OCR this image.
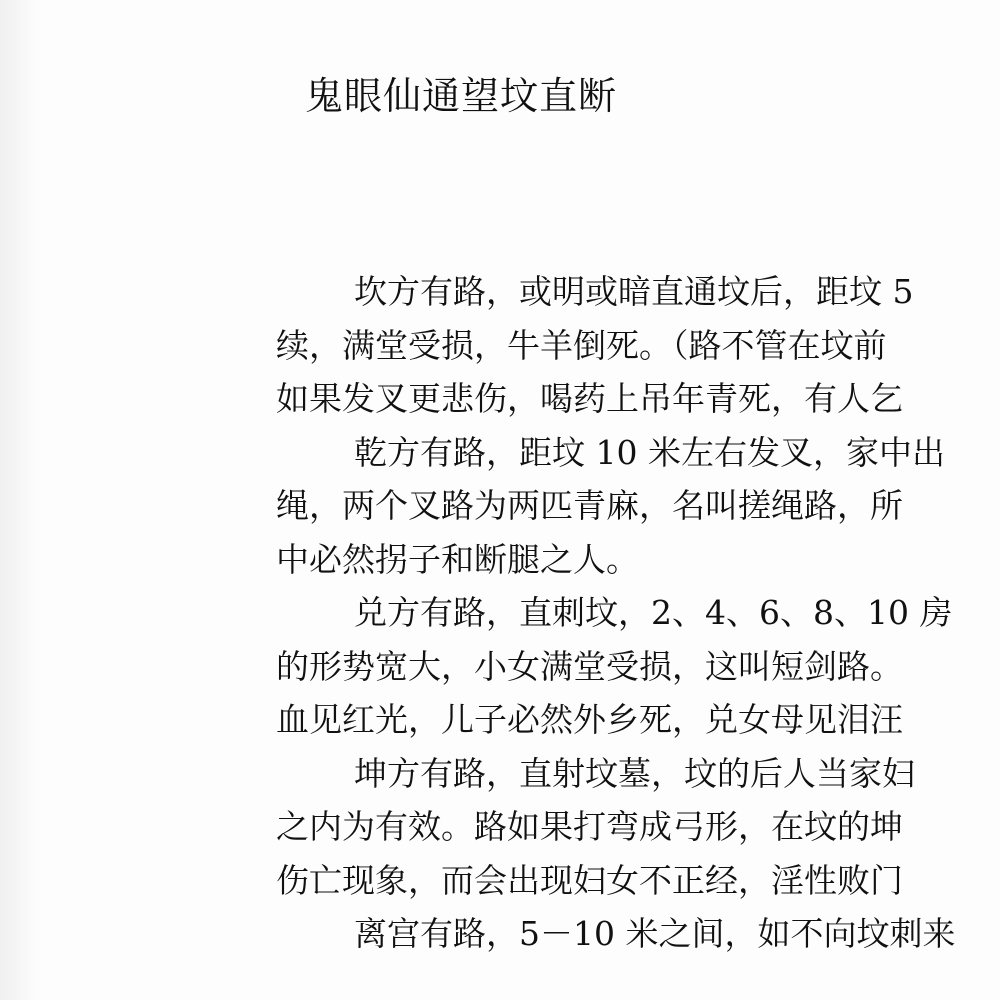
鬼眼仙通望坟直断
坎方有路，或明或暗直通坟后，距坟 5
续，满堂受损，牛羊倒死。（路不管在坟前
如果发叉更悲伤，喝药上吊年青死，有人乞
乾方有路，距坟 10 米左右发叉，家中出
绳，两个叉路为两匹青麻，名叫搓绳路，所
中必然拐子和断腿之人。
兑方有路，直刺坟，2、4、6、8、10 房
的形势宽大，小女满堂受损，这叫短剑路。
血见红光，儿子必然外乡死，兑女母见泪汪
坤方有路，直射坟墓，坟的后人当家妇
之内为有效。路如果打弯成弓形，在坟的坤
伤亡现象，而会出现妇女不正经，淫性败门
离宫有路，5－10 米之间，如不向坟刺来
